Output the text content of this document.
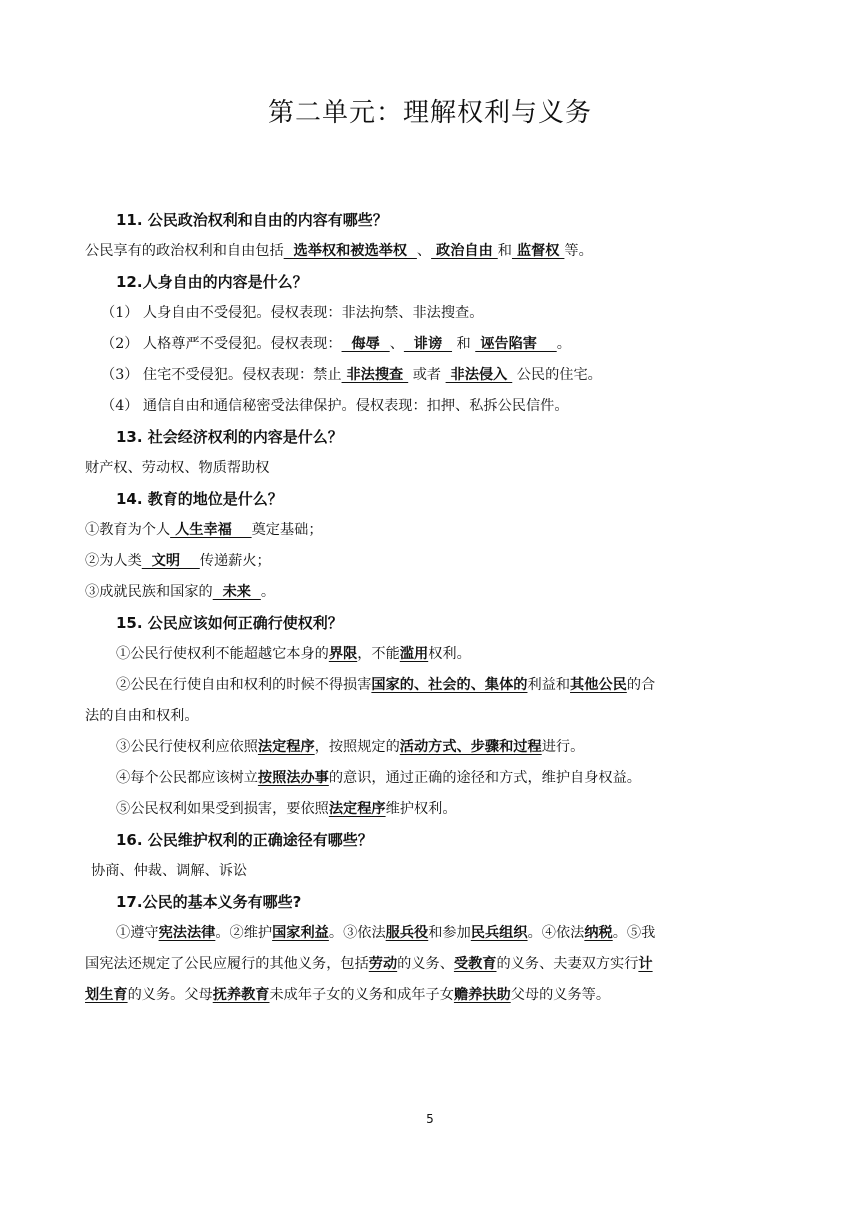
第二单元：理解权利与义务

11. 公民政治权利和自由的内容有哪些？

公民享有的政治权利和自由包括  选举权和被选举权  、 政治自由 和 监督权 等。

12.人身自由的内容是什么？

（1） 人身自由不受侵犯。侵权表现：非法拘禁、非法搜查。

（2） 人格尊严不受侵犯。侵权表现：  侮辱  、  诽谤   和  诬告陷害    。

（3） 住宅不受侵犯。侵权表现：禁止 非法搜查  或者  非法侵入  公民的住宅。

（4） 通信自由和通信秘密受法律保护。侵权表现：扣押、私拆公民信件。

13. 社会经济权利的内容是什么？

财产权、劳动权、物质帮助权

14. 教育的地位是什么？

①教育为个人 人生幸福    奠定基础；

②为人类  文明    传递薪火；

③成就民族和国家的  未来  。

15. 公民应该如何正确行使权利？

①公民行使权利不能超越它本身的界限，不能滥用权利。

②公民在行使自由和权利的时候不得损害国家的、社会的、集体的利益和其他公民的合

法的自由和权利。

③公民行使权利应依照法定程序，按照规定的活动方式、步骤和过程进行。

④每个公民都应该树立按照法办事的意识，通过正确的途径和方式，维护自身权益。

⑤公民权利如果受到损害，要依照法定程序维护权利。

16. 公民维护权利的正确途径有哪些？

协商、仲裁、调解、诉讼

17.公民的基本义务有哪些?

①遵守宪法法律。②维护国家利益。③依法服兵役和参加民兵组织。④依法纳税。⑤我

国宪法还规定了公民应履行的其他义务，包括劳动的义务、受教育的义务、夫妻双方实行计

划生育的义务。父母抚养教育未成年子女的义务和成年子女赡养扶助父母的义务等。

5
